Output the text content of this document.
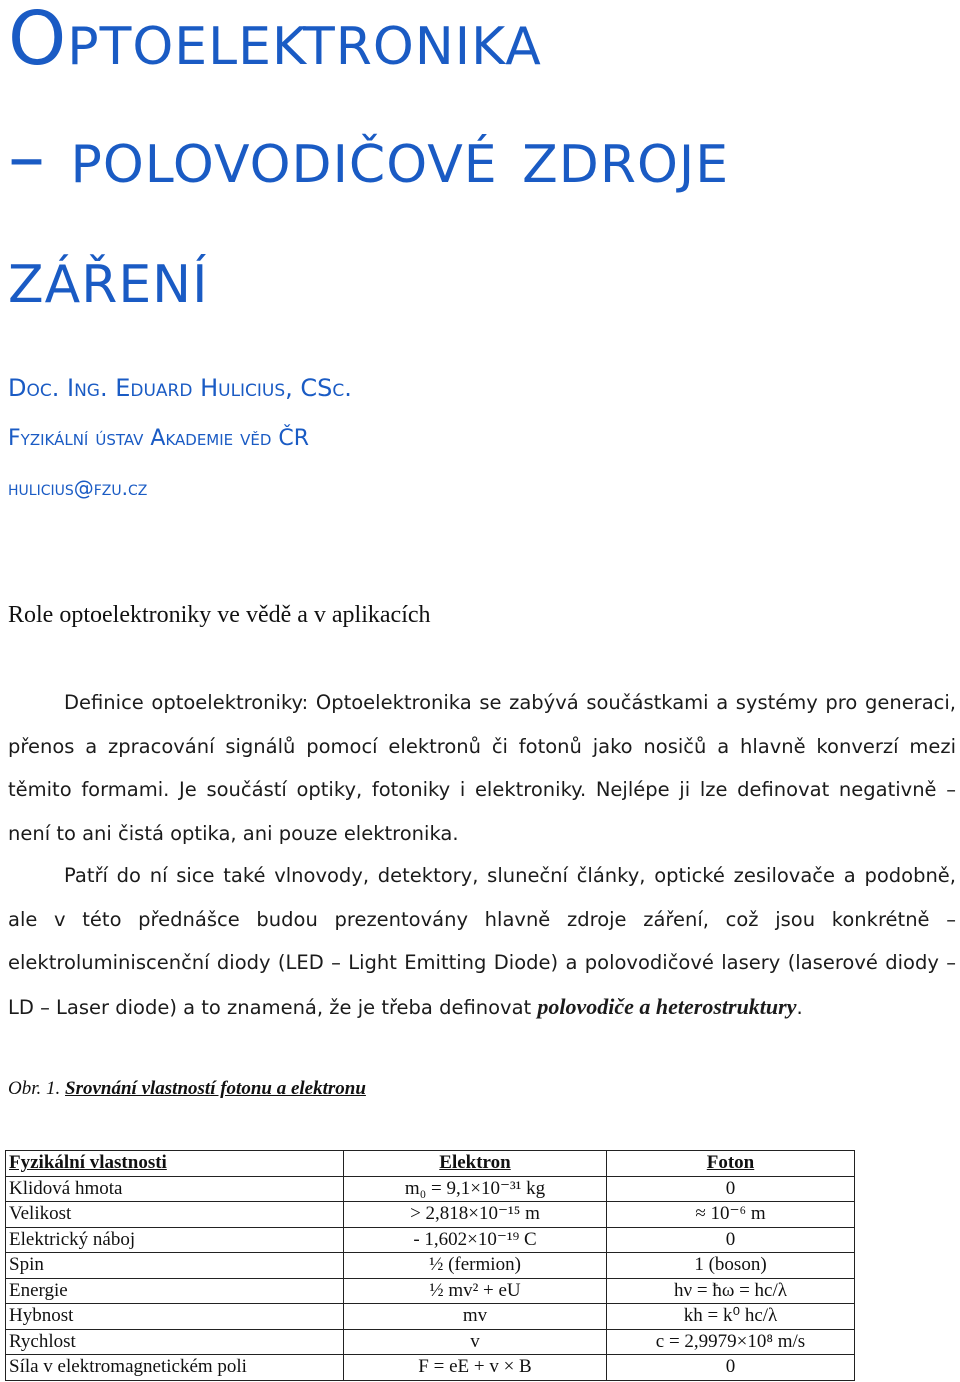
Optoelektronika
– polovodičové zdroje
záření

Doc. Ing. Eduard Hulicius, CSc.

Fyzikální ústav Akademie věd ČR

hulicius@fzu.cz

Role optoelektroniky ve vědě a v aplikacích

Definice optoelektroniky: Optoelektronika se zabývá součástkami a systémy pro generaci, přenos a zpracování signálů pomocí elektronů či fotonů jako nosičů a hlavně konverzí mezi těmito formami. Je součástí optiky, fotoniky i elektroniky. Nejlépe ji lze definovat negativně – není to ani čistá optika, ani pouze elektronika.

Patří do ní sice také vlnovody, detektory, sluneční články, optické zesilovače a podobně, ale v této přednášce budou prezentovány hlavně zdroje záření, což jsou konkrétně – elektroluminiscenční diody (LED – Light Emitting Diode) a polovodičové lasery (laserové diody – LD – Laser diode) a to znamená, že je třeba definovat polovodiče a heterostruktury.

Obr. 1. Srovnání vlastností fotonu a elektronu

Fyzikální vlastnosti	Elektron	Foton
Klidová hmota	m₀ = 9,1×10⁻³¹ kg	0
Velikost	> 2,818×10⁻¹⁵ m	≈ 10⁻⁶ m
Elektrický náboj	- 1,602×10⁻¹⁹ C	0
Spin	½ (fermion)	1 (boson)
Energie	½ mv² + eU	hν = ħω = hc/λ
Hybnost	mv	kh = k⁰ hc/λ
Rychlost	v	c = 2,9979×10⁸ m/s
Síla v elektromagnetickém poli	F = eE + v × B	0
